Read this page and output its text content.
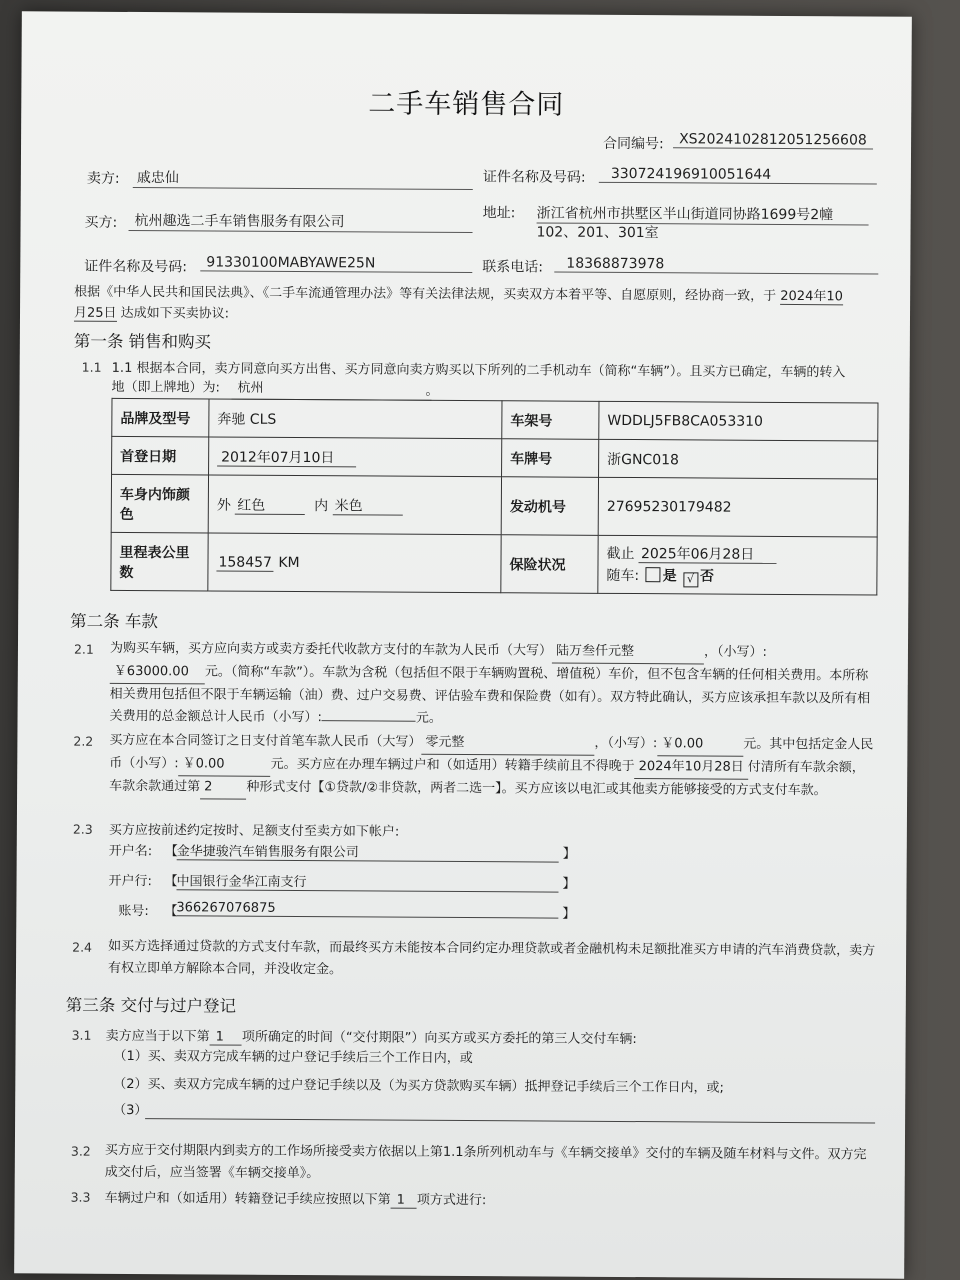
二手车销售合同
合同编号:	XS2024102812051256608
卖方: 戚忠仙	证件名称及号码:	330724196910051644
买方:	杭州趣选二手车销售服务有限公司	地址: 浙江省杭州市拱墅区半山街道同协路1699号2幢
102、201、301室
证件名称及号码:	91330100MABYAWE25N	联系电话:	18368873978
根据《中华人民共和国民法典》、《二手车流通管理办法》等有关法律法规，买卖双方本着平等、自愿原则，经协商一致，于 2024年10
月25日 达成如下买卖协议:
第一条 销售和购买
1.1 1.1 根据本合同，卖方同意向买方出售、买方同意向卖方购买以下所列的二手机动车（简称“车辆”）。且买方已确定，车辆的转入
地（即上牌地）为:	杭州	。
品牌及型号	奔驰 CLS	车架号	WDDLJ5FB8CA053310
首登日期	2012年07月10日	车牌号	浙GNC018
车身内饰颜色	外 红色 内 米色	发动机号	27695230179482
里程表公里数	158457 KM	保险状况	截止 2025年06月28日
随车: 是 √ 否
第二条 车款
2.1 为购买车辆，买方应向卖方或卖方委托代收款方支付的车款为人民币（大写） 陆万叁仟元整	，（小写）:
￥63000.00 元。（简称“车款”）。车款为含税（包括但不限于车辆购置税、增值税）车价，但不包含车辆的任何相关费用。本所称相关费用包括但不限于车辆运输（油）费、过户交易费、评估验车费和保险费（如有）。双方特此确认，买方应该承担车款以及所有相关费用的总金额总计人民币（小写）:	元。
2.2 买方应在本合同签订之日支付首笔车款人民币（大写） 零元整	，（小写）: ￥0.00	元。其中包括定金人民币（小写）: ￥0.00	元。买方应在办理车辆过户和（如适用）转籍手续前且不得晚于 2024年10月28日 付清所有车款余额，车款余款通过第 2	种形式支付【①贷款/②非贷款，两者二选一】。买方应该以电汇或其他卖方能够接受的方式支付车款。
2.3 买方应按前述约定按时、足额支付至卖方如下帐户:
开户名: 【
金华捷骏汽车销售服务有限公司	】
开户行: 【
中国银行金华江南支行	】
账号: 【
366267076875	】
2.4 如买方选择通过贷款的方式支付车款，而最终买方未能按本合同约定办理贷款或者金融机构未足额批准买方申请的汽车消费贷款，卖方有权立即单方解除本合同，并没收定金。
第三条 交付与过户登记
3.1 卖方应当于以下第 1 项所确定的时间（“交付期限”）向买方或买方委托的第三人交付车辆:
（1）买、卖双方完成车辆的过户登记手续后三个工作日内，或
（2）买、卖双方完成车辆的过户登记手续以及（为买方贷款购买车辆）抵押登记手续后三个工作日内，或;
（3）
3.2 买方应于交付期限内到卖方的工作场所接受卖方依据以上第1.1条所列机动车与《车辆交接单》交付的车辆及随车材料与文件。双方完成交付后，应当签署《车辆交接单》。
3.3 车辆过户和（如适用）转籍登记手续应按照以下第 1 项方式进行:
